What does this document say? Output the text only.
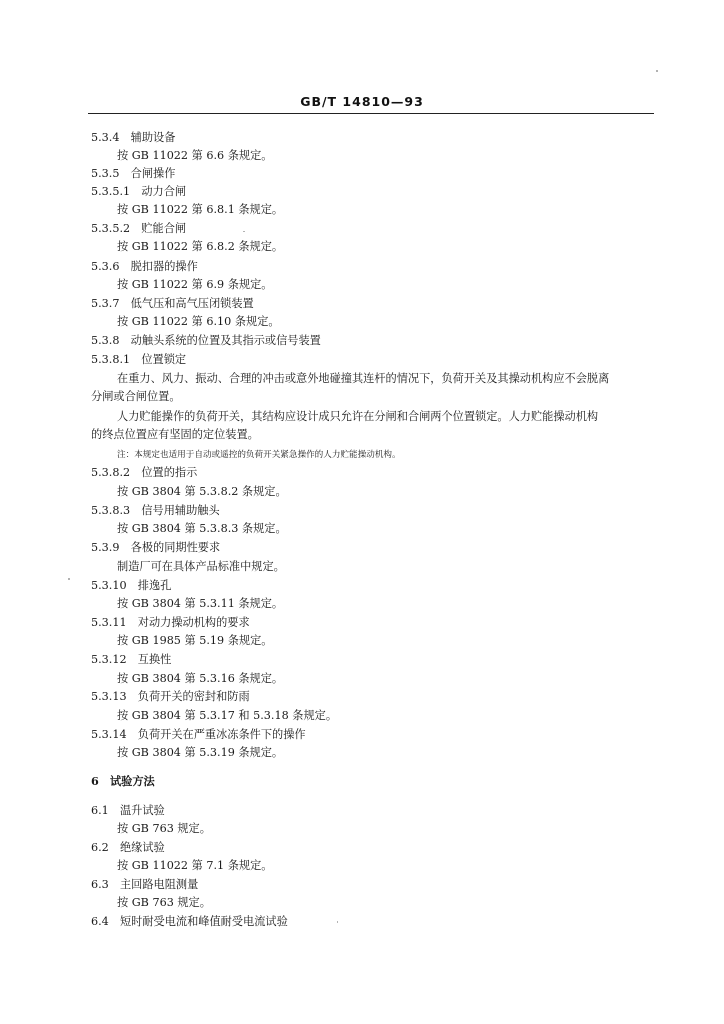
GB/T 14810—93
5.3.4　辅助设备
按 GB 11022 第 6.6 条规定。
5.3.5　合闸操作
5.3.5.1　动力合闸
按 GB 11022 第 6.8.1 条规定。
5.3.5.2　贮能合闸
按 GB 11022 第 6.8.2 条规定。
5.3.6　脱扣器的操作
按 GB 11022 第 6.9 条规定。
5.3.7　低气压和高气压闭锁装置
按 GB 11022 第 6.10 条规定。
5.3.8　动触头系统的位置及其指示或信号装置
5.3.8.1　位置锁定
在重力、风力、振动、合理的冲击或意外地碰撞其连杆的情况下，负荷开关及其操动机构应不会脱离
分闸或合闸位置。
人力贮能操作的负荷开关，其结构应设计成只允许在分闸和合闸两个位置锁定。人力贮能操动机构
的终点位置应有坚固的定位装置。
注：本规定也适用于自动或遥控的负荷开关紧急操作的人力贮能操动机构。
5.3.8.2　位置的指示
按 GB 3804 第 5.3.8.2 条规定。
5.3.8.3　信号用辅助触头
按 GB 3804 第 5.3.8.3 条规定。
5.3.9　各极的同期性要求
制造厂可在具体产品标准中规定。
5.3.10　排逸孔
按 GB 3804 第 5.3.11 条规定。
5.3.11　对动力操动机构的要求
按 GB 1985 第 5.19 条规定。
5.3.12　互换性
按 GB 3804 第 5.3.16 条规定。
5.3.13　负荷开关的密封和防雨
按 GB 3804 第 5.3.17 和 5.3.18 条规定。
5.3.14　负荷开关在严重冰冻条件下的操作
按 GB 3804 第 5.3.19 条规定。
6　试验方法
6.1　温升试验
按 GB 763 规定。
6.2　绝缘试验
按 GB 11022 第 7.1 条规定。
6.3　主回路电阻测量
按 GB 763 规定。
6.4　短时耐受电流和峰值耐受电流试验
